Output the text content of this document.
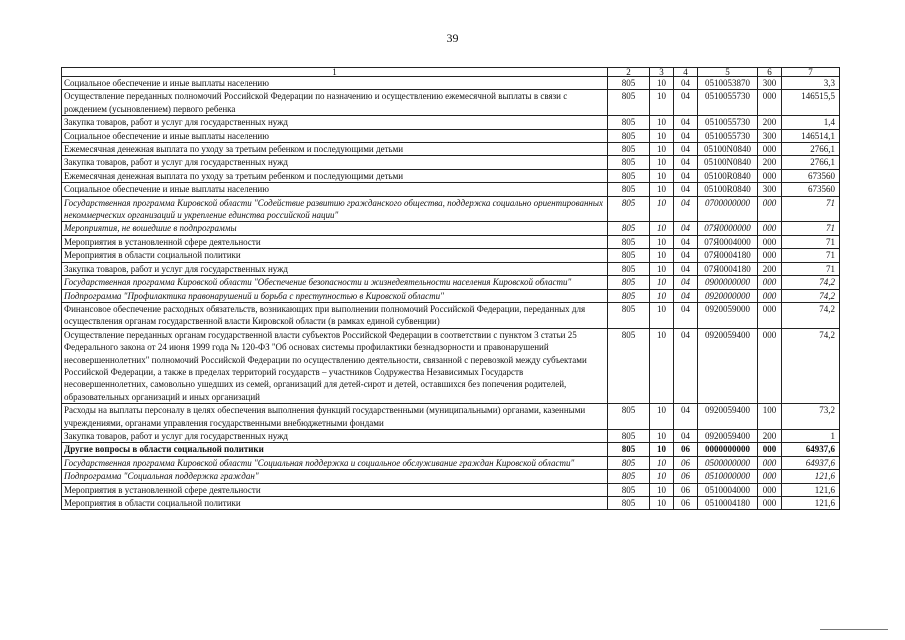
39
1	2	3	4	5	6	7
Социальное обеспечение и иные выплаты населению	805	10	04	0510053870	300	3,3
Осуществление переданных полномочий Российской Федерации по назначению и осуществлению ежемесячной выплаты в связи с рождением (усыновлением) первого ребенка	805	10	04	0510055730	000	146515,5
Закупка товаров, работ и услуг для государственных нужд	805	10	04	0510055730	200	1,4
Социальное обеспечение и иные выплаты населению	805	10	04	0510055730	300	146514,1
Ежемесячная денежная выплата по уходу за третьим ребенком и последующими детьми	805	10	04	05100N0840	000	2766,1
Закупка товаров, работ и услуг для государственных нужд	805	10	04	05100N0840	200	2766,1
Ежемесячная денежная выплата по уходу за третьим ребенком и последующими детьми	805	10	04	05100R0840	000	673560
Социальное обеспечение и иные выплаты населению	805	10	04	05100R0840	300	673560
Государственная программа Кировской области "Содействие развитию гражданского общества, поддержка социально ориентированных некоммерческих организаций и укрепление единства российской нации"	805	10	04	0700000000	000	71
Мероприятия, не вошедшие в подпрограммы	805	10	04	07Я0000000	000	71
Мероприятия в установленной сфере деятельности	805	10	04	07Я0004000	000	71
Мероприятия в области социальной политики	805	10	04	07Я0004180	000	71
Закупка товаров, работ и услуг для государственных нужд	805	10	04	07Я0004180	200	71
Государственная программа Кировской области "Обеспечение безопасности и жизнедеятельности населения Кировской области"	805	10	04	0900000000	000	74,2
Подпрограмма "Профилактика правонарушений и борьба с преступностью в Кировской области"	805	10	04	0920000000	000	74,2
Финансовое обеспечение расходных обязательств, возникающих при выполнении полномочий Российской Федерации, переданных для осуществления органам государственной власти Кировской области (в рамках единой субвенции)	805	10	04	0920059000	000	74,2
Осуществление переданных органам государственной власти субъектов Российской Федерации в соответствии с пунктом 3 статьи 25 Федерального закона от 24 июня 1999 года № 120-ФЗ "Об основах системы профилактики безнадзорности и правонарушений несовершеннолетних" полномочий Российской Федерации по осуществлению деятельности, связанной с перевозкой между субъектами Российской Федерации, а также в пределах территорий государств – участников Содружества Независимых Государств несовершеннолетних, самовольно ушедших из семей, организаций для детей-сирот и детей, оставшихся без попечения родителей, образовательных организаций и иных организаций	805	10	04	0920059400	000	74,2
Расходы на выплаты персоналу в целях обеспечения выполнения функций государственными (муниципальными) органами, казенными учреждениями, органами управления государственными внебюджетными фондами	805	10	04	0920059400	100	73,2
Закупка товаров, работ и услуг для государственных нужд	805	10	04	0920059400	200	1
Другие вопросы в области социальной политики	805	10	06	0000000000	000	64937,6
Государственная программа Кировской области "Социальная поддержка и социальное обслуживание граждан Кировской области"	805	10	06	0500000000	000	64937,6
Подпрограмма "Социальная поддержка граждан"	805	10	06	0510000000	000	121,6
Мероприятия в установленной сфере деятельности	805	10	06	0510004000	000	121,6
Мероприятия в области социальной политики	805	10	06	0510004180	000	121,6
